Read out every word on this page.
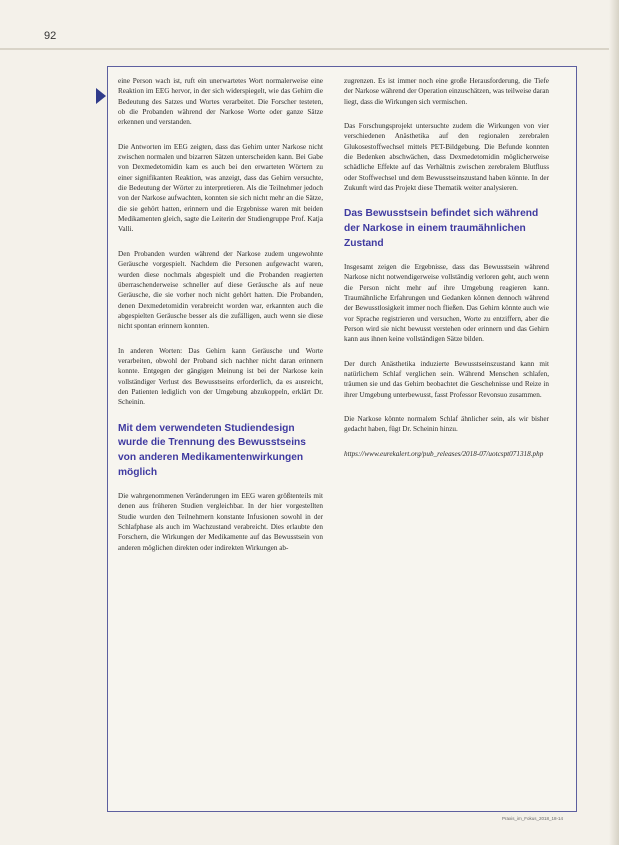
92

eine Person wach ist, ruft ein unerwartetes Wort normalerweise eine Reaktion im EEG hervor, in der sich widerspiegelt, wie das Gehirn die Bedeutung des Satzes und Wortes verarbeitet. Die Forscher testeten, ob die Probanden während der Narkose Worte oder ganze Sätze erkennen und verstanden.

Die Antworten im EEG zeigten, dass das Gehirn unter Narkose nicht zwischen normalen und bizarren Sätzen unterscheiden kann. Bei Gabe von Dexmedetomidin kam es auch bei den erwarteten Wörtern zu einer signifikanten Reaktion, was anzeigt, dass das Gehirn versuchte, die Bedeutung der Wörter zu interpretieren. Als die Teilnehmer jedoch von der Narkose aufwachten, konnten sie sich nicht mehr an die Sätze, die sie gehört hatten, erinnern und die Ergebnisse waren mit beiden Medikamenten gleich, sagte die Leiterin der Studiengruppe Prof. Katja Valli.

Den Probanden wurden während der Narkose zudem ungewohnte Geräusche vorgespielt. Nachdem die Personen aufgewacht waren, wurden diese nochmals abgespielt und die Probanden reagierten überraschenderweise schneller auf diese Geräusche als auf neue Geräusche, die sie vorher noch nicht gehört hatten. Die Probanden, denen Dexmedetomidin verabreicht worden war, erkannten auch die abgespielten Geräusche besser als die zufälligen, auch wenn sie diese nicht spontan erinnern konnten.

In anderen Worten: Das Gehirn kann Geräusche und Worte verarbeiten, obwohl der Proband sich nachher nicht daran erinnern konnte. Entgegen der gängigen Meinung ist bei der Narkose kein vollständiger Verlust des Bewusstseins erforderlich, da es ausreicht, den Patienten lediglich von der Umgebung abzukoppeln, erklärt Dr. Scheinin.

Mit dem verwendeten Studiendesign wurde die Trennung des Bewusstseins von anderen Medikamentenwirkungen möglich

Die wahrgenommenen Veränderungen im EEG waren größtenteils mit denen aus früheren Studien vergleichbar. In der hier vorgestellten Studie wurden den Teilnehmern konstante Infusionen sowohl in der Schlafphase als auch im Wachzustand verabreicht. Dies erlaubte den Forschern, die Wirkungen der Medikamente auf das Bewusstsein von anderen möglichen direkten oder indirekten Wirkungen ab-

zugrenzen. Es ist immer noch eine große Herausforderung, die Tiefe der Narkose während der Operation einzuschätzen, was teilweise daran liegt, dass die Wirkungen sich vermischen.

Das Forschungsprojekt untersuchte zudem die Wirkungen von vier verschiedenen Anästhetika auf den regionalen zerebralen Glukosestoffwechsel mittels PET-Bildgebung. Die Befunde konnten die Bedenken abschwächen, dass Dexmedetomidin möglicherweise schädliche Effekte auf das Verhältnis zwischen zerebralem Blutfluss oder Stoffwechsel und dem Bewusstseinszustand haben könnte. In der Zukunft wird das Projekt diese Thematik weiter analysieren.

Das Bewusstsein befindet sich während der Narkose in einem traumähnlichen Zustand

Insgesamt zeigen die Ergebnisse, dass das Bewusstsein während Narkose nicht notwendigerweise vollständig verloren geht, auch wenn die Person nicht mehr auf ihre Umgebung reagieren kann. Traumähnliche Erfahrungen und Gedanken können dennoch während der Bewusstlosigkeit immer noch fließen. Das Gehirn könnte auch wie vor Sprache registrieren und versuchen, Worte zu entziffern, aber die Person wird sie nicht bewusst verstehen oder erinnern und das Gehirn kann aus ihnen keine vollständigen Sätze bilden.

Der durch Anästhetika induzierte Bewusstseinszustand kann mit natürlichem Schlaf verglichen sein. Während Menschen schlafen, träumen sie und das Gehirn beobachtet die Geschehnisse und Reize in ihrer Umgebung unterbewusst, fasst Professor Revonsuo zusammen.

Die Narkose könnte normalem Schlaf ähnlicher sein, als wir bisher gedacht haben, fügt Dr. Scheinin hinzu.

https://www.eurekalert.org/pub_releases/2018-07/uotcspt071318.php

Praxis_im_Fokus_2018_18-14
